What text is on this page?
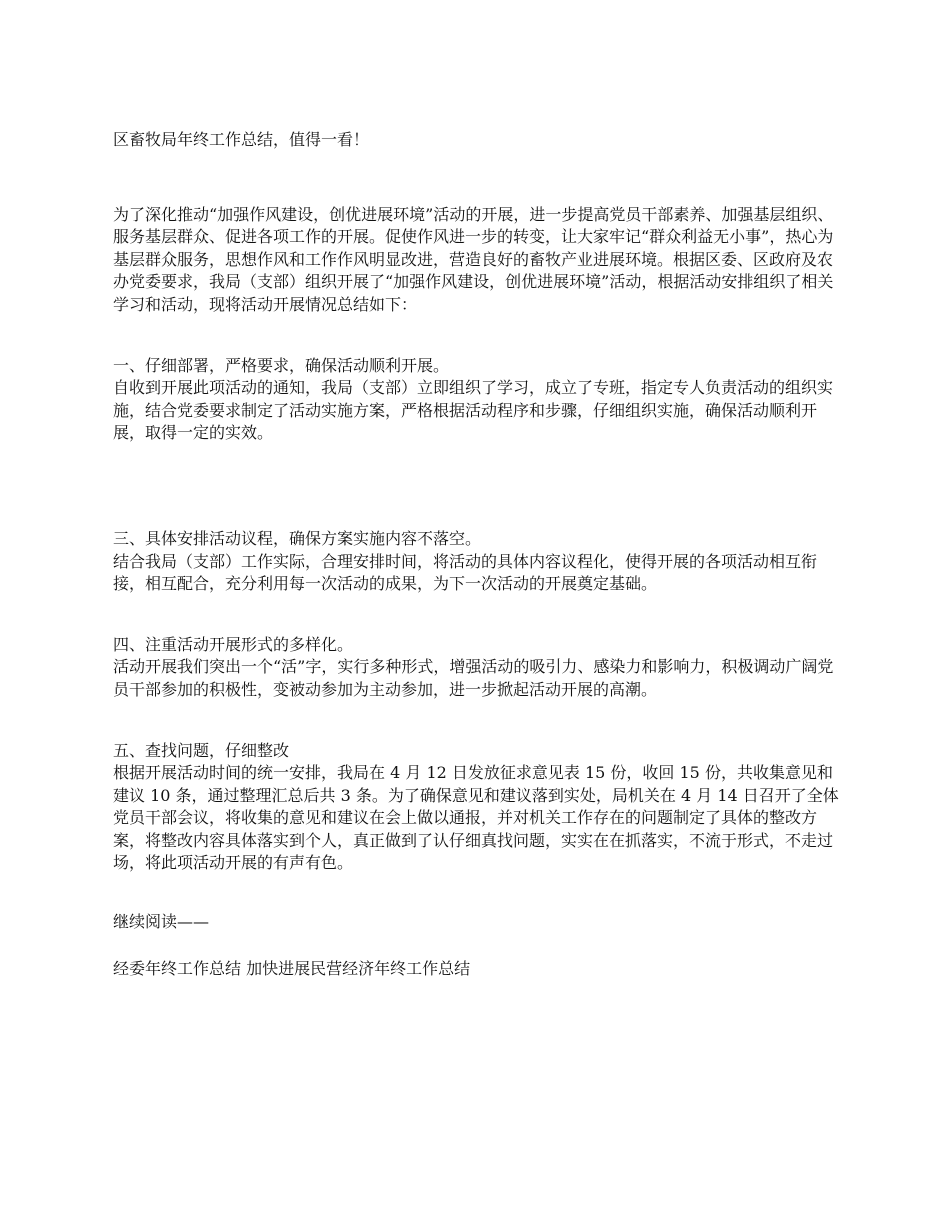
区畜牧局年终工作总结，值得一看！

为了深化推动“加强作风建设，创优进展环境”活动的开展，进一步提高党员干部素养、加强基层组织、服务基层群众、促进各项工作的开展。促使作风进一步的转变，让大家牢记“群众利益无小事”，热心为基层群众服务，思想作风和工作作风明显改进，营造良好的畜牧产业进展环境。根据区委、区政府及农办党委要求，我局（支部）组织开展了“加强作风建设，创优进展环境”活动，根据活动安排组织了相关学习和活动，现将活动开展情况总结如下：

一、仔细部署，严格要求，确保活动顺利开展。

自收到开展此项活动的通知，我局（支部）立即组织了学习，成立了专班，指定专人负责活动的组织实施，结合党委要求制定了活动实施方案，严格根据活动程序和步骤，仔细组织实施，确保活动顺利开展，取得一定的实效。

三、具体安排活动议程，确保方案实施内容不落空。

结合我局（支部）工作实际，合理安排时间，将活动的具体内容议程化，使得开展的各项活动相互衔接，相互配合，充分利用每一次活动的成果，为下一次活动的开展奠定基础。

四、注重活动开展形式的多样化。

活动开展我们突出一个“活”字，实行多种形式，增强活动的吸引力、感染力和影响力，积极调动广阔党员干部参加的积极性，变被动参加为主动参加，进一步掀起活动开展的高潮。

五、查找问题，仔细整改

根据开展活动时间的统一安排，我局在 4 月 12 日发放征求意见表 15 份，收回 15 份，共收集意见和建议 10 条，通过整理汇总后共 3 条。为了确保意见和建议落到实处，局机关在 4 月 14 日召开了全体党员干部会议，将收集的意见和建议在会上做以通报，并对机关工作存在的问题制定了具体的整改方案，将整改内容具体落实到个人，真正做到了认仔细真找问题，实实在在抓落实，不流于形式，不走过场，将此项活动开展的有声有色。

继续阅读——

经委年终工作总结 加快进展民营经济年终工作总结
